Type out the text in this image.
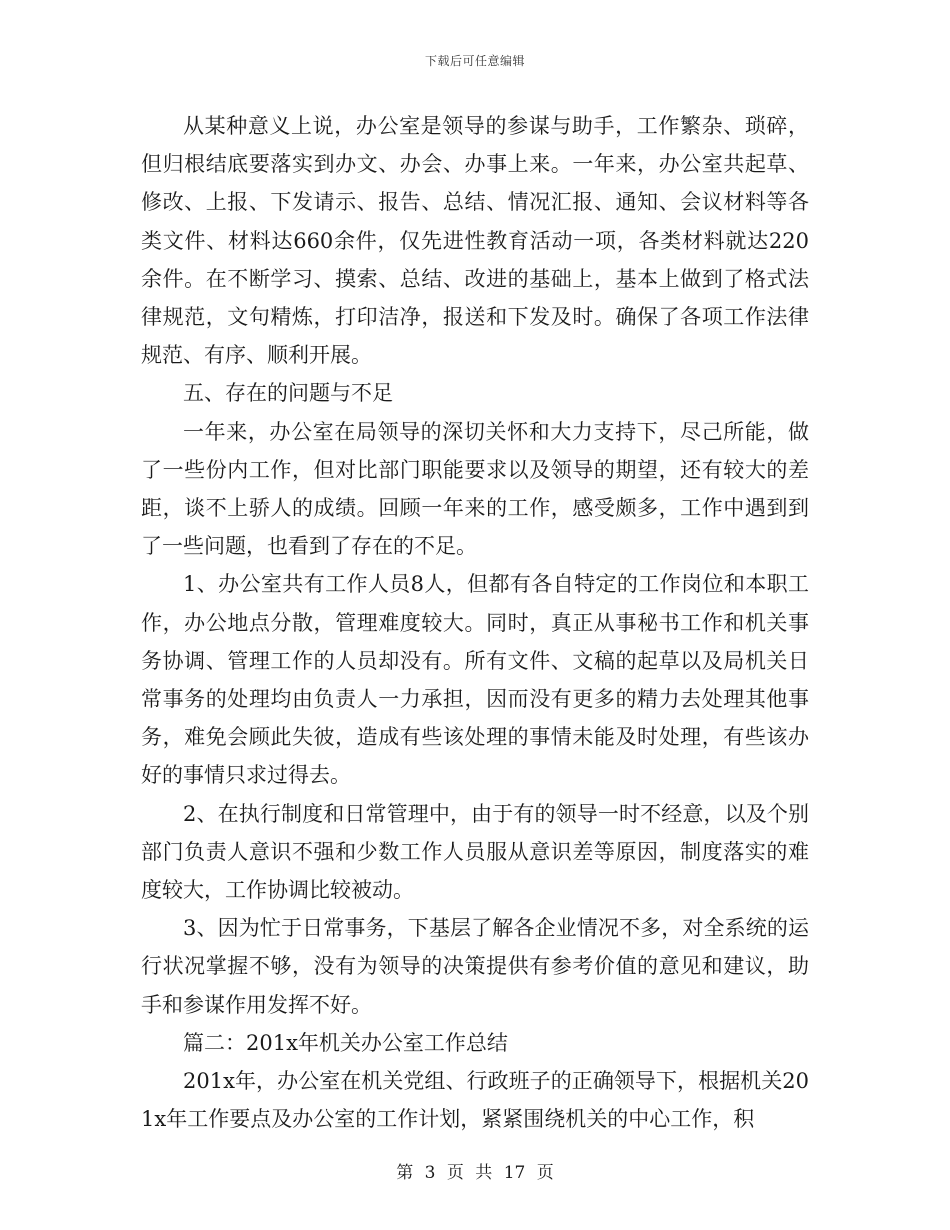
下载后可任意编辑

从某种意义上说，办公室是领导的参谋与助手，工作繁杂、琐碎，但归根结底要落实到办文、办会、办事上来。一年来，办公室共起草、修改、上报、下发请示、报告、总结、情况汇报、通知、会议材料等各类文件、材料达660余件，仅先进性教育活动一项，各类材料就达220余件。在不断学习、摸索、总结、改进的基础上，基本上做到了格式法律规范，文句精炼，打印洁净，报送和下发及时。确保了各项工作法律规范、有序、顺利开展。

五、存在的问题与不足

一年来，办公室在局领导的深切关怀和大力支持下，尽己所能，做了一些份内工作，但对比部门职能要求以及领导的期望，还有较大的差距，谈不上骄人的成绩。回顾一年来的工作，感受颇多，工作中遇到到了一些问题，也看到了存在的不足。

1、办公室共有工作人员8人，但都有各自特定的工作岗位和本职工作，办公地点分散，管理难度较大。同时，真正从事秘书工作和机关事务协调、管理工作的人员却没有。所有文件、文稿的起草以及局机关日常事务的处理均由负责人一力承担，因而没有更多的精力去处理其他事务，难免会顾此失彼，造成有些该处理的事情未能及时处理，有些该办好的事情只求过得去。

2、在执行制度和日常管理中，由于有的领导一时不经意，以及个别部门负责人意识不强和少数工作人员服从意识差等原因，制度落实的难度较大，工作协调比较被动。

3、因为忙于日常事务，下基层了解各企业情况不多，对全系统的运行状况掌握不够，没有为领导的决策提供有参考价值的意见和建议，助手和参谋作用发挥不好。

篇二：201x年机关办公室工作总结

201x年，办公室在机关党组、行政班子的正确领导下，根据机关201x年工作要点及办公室的工作计划，紧紧围绕机关的中心工作，积

第 3 页 共 17 页
